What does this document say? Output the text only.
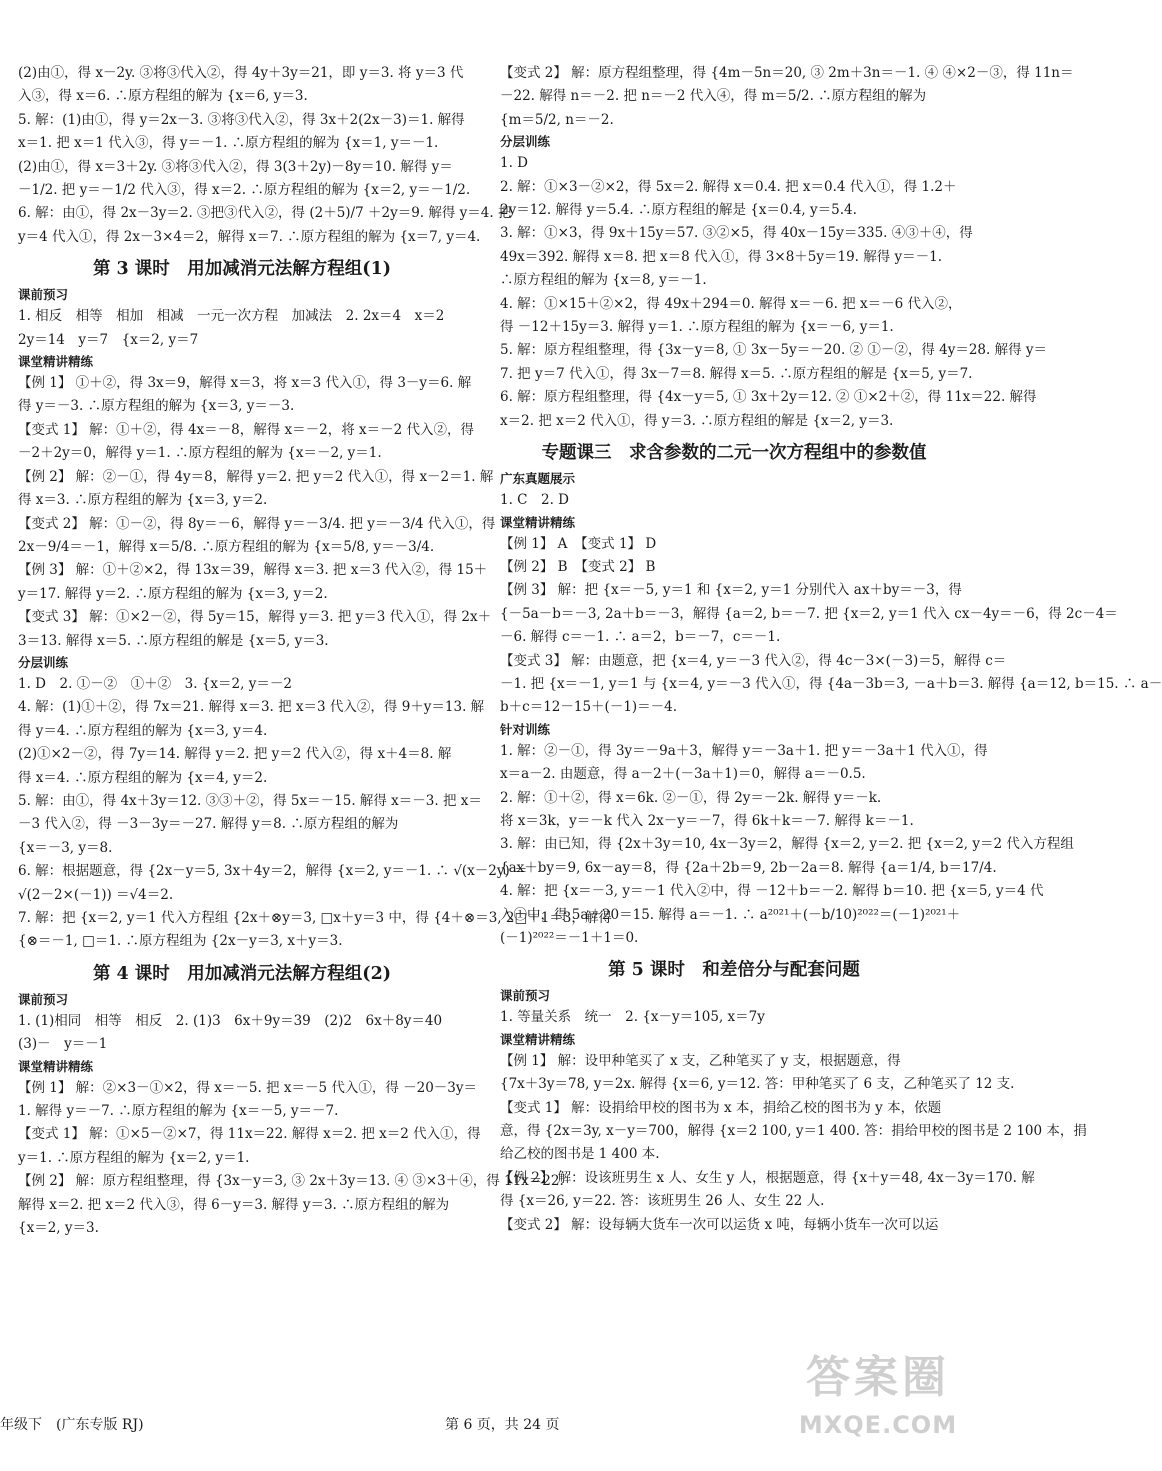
(2)由①，得 x－2y. ③将③代入②，得 4y＋3y＝21，即 y＝3. 将 y＝3 代
入③，得 x＝6. ∴原方程组的解为 {x＝6, y＝3.
5. 解：(1)由①，得 y＝2x－3. ③将③代入②，得 3x＋2(2x－3)＝1. 解得
x＝1. 把 x＝1 代入③，得 y＝－1. ∴原方程组的解为 {x＝1, y＝－1.
(2)由①，得 x＝3＋2y. ③将③代入②，得 3(3＋2y)－8y＝10. 解得 y＝
－1/2. 把 y＝－1/2 代入③，得 x＝2. ∴原方程组的解为 {x＝2, y＝－1/2.
6. 解：由①，得 2x－3y＝2. ③把③代入②，得 (2＋5)/7 ＋2y＝9. 解得 y＝4. 把
y＝4 代入①，得 2x－3×4＝2，解得 x＝7. ∴原方程组的解为 {x＝7, y＝4.
第 3 课时　用加减消元法解方程组(1)
课前预习
1. 相反　相等　相加　相减　一元一次方程　加减法　2. 2x＝4　x＝2
2y＝14　y＝7　{x＝2, y＝7
课堂精讲精练
【例 1】 ①＋②，得 3x＝9，解得 x＝3，将 x＝3 代入①，得 3－y＝6. 解
得 y＝－3. ∴原方程组的解为 {x＝3, y＝－3.
【变式 1】 解：①＋②，得 4x＝－8，解得 x＝－2，将 x＝－2 代入②，得
－2＋2y＝0，解得 y＝1. ∴原方程组的解为 {x＝－2, y＝1.
【例 2】 解：②－①，得 4y＝8，解得 y＝2. 把 y＝2 代入①，得 x－2＝1. 解
得 x＝3. ∴原方程组的解为 {x＝3, y＝2.
【变式 2】 解：①－②，得 8y＝－6，解得 y＝－3/4. 把 y＝－3/4 代入①，得
2x－9/4＝－1，解得 x＝5/8. ∴原方程组的解为 {x＝5/8, y＝－3/4.
【例 3】 解：①＋②×2，得 13x＝39，解得 x＝3. 把 x＝3 代入②，得 15＋
y＝17. 解得 y＝2. ∴原方程组的解为 {x＝3, y＝2.
【变式 3】 解：①×2－②，得 5y＝15，解得 y＝3. 把 y＝3 代入①，得 2x＋
3＝13. 解得 x＝5. ∴原方程组的解是 {x＝5, y＝3.
分层训练
1. D　2. ①－②　①＋②　3. {x＝2, y＝－2
4. 解：(1)①＋②，得 7x＝21. 解得 x＝3. 把 x＝3 代入②，得 9＋y＝13. 解
得 y＝4. ∴原方程组的解为 {x＝3, y＝4.
(2)①×2－②，得 7y＝14. 解得 y＝2. 把 y＝2 代入②，得 x＋4＝8. 解
得 x＝4. ∴原方程组的解为 {x＝4, y＝2.
5. 解：由①，得 4x＋3y＝12. ③③＋②，得 5x＝－15. 解得 x＝－3. 把 x＝
－3 代入②，得 －3－3y＝－27. 解得 y＝8. ∴原方程组的解为
{x＝－3, y＝8.
6. 解：根据题意，得 {2x－y＝5, 3x＋4y＝2，解得 {x＝2, y＝－1. ∴ √(x－2y) ＝
√(2－2×(－1)) ＝√4＝2.
7. 解：把 {x＝2, y＝1 代入方程组 {2x＋⊗y＝3, □x＋y＝3 中，得 {4＋⊗＝3, 2□＋1＝3，解得
{⊗＝－1, □＝1. ∴原方程组为 {2x－y＝3, x＋y＝3.
第 4 课时　用加减消元法解方程组(2)
课前预习
1. (1)相同　相等　相反　2. (1)3　6x＋9y＝39　(2)2　6x＋8y＝40
(3)－　y＝－1
课堂精讲精练
【例 1】 解：②×3－①×2，得 x＝－5. 把 x＝－5 代入①，得 －20－3y＝
1. 解得 y＝－7. ∴原方程组的解为 {x＝－5, y＝－7.
【变式 1】 解：①×5－②×7，得 11x＝22. 解得 x＝2. 把 x＝2 代入①，得
y＝1. ∴原方程组的解为 {x＝2, y＝1.
【例 2】 解：原方程组整理，得 {3x－y＝3, ③ 2x＋3y＝13. ④ ③×3＋④，得 11x＝22.
解得 x＝2. 把 x＝2 代入③，得 6－y＝3. 解得 y＝3. ∴原方程组的解为
{x＝2, y＝3.
【变式 2】 解：原方程组整理，得 {4m－5n＝20, ③ 2m＋3n＝－1. ④ ④×2－③，得 11n＝
－22. 解得 n＝－2. 把 n＝－2 代入④，得 m＝5/2. ∴原方程组的解为
{m＝5/2, n＝－2.
分层训练
1. D
2. 解：①×3－②×2，得 5x＝2. 解得 x＝0.4. 把 x＝0.4 代入①，得 1.2＋
2y＝12. 解得 y＝5.4. ∴原方程组的解是 {x＝0.4, y＝5.4.
3. 解：①×3，得 9x＋15y＝57. ③②×5，得 40x－15y＝335. ④③＋④，得
49x＝392. 解得 x＝8. 把 x＝8 代入①，得 3×8＋5y＝19. 解得 y＝－1.
∴原方程组的解为 {x＝8, y＝－1.
4. 解：①×15＋②×2，得 49x＋294＝0. 解得 x＝－6. 把 x＝－6 代入②，
得 －12＋15y＝3. 解得 y＝1. ∴原方程组的解为 {x＝－6, y＝1.
5. 解：原方程组整理，得 {3x－y＝8, ① 3x－5y＝－20. ② ①－②，得 4y＝28. 解得 y＝
7. 把 y＝7 代入①，得 3x－7＝8. 解得 x＝5. ∴原方程组的解是 {x＝5, y＝7.
6. 解：原方程组整理，得 {4x－y＝5, ① 3x＋2y＝12. ② ①×2＋②，得 11x＝22. 解得
x＝2. 把 x＝2 代入①，得 y＝3. ∴原方程组的解是 {x＝2, y＝3.
专题课三　求含参数的二元一次方程组中的参数值
广东真题展示
1. C　2. D
课堂精讲精练
【例 1】 A　【变式 1】 D
【例 2】 B　【变式 2】 B
【例 3】 解：把 {x＝－5, y＝1 和 {x＝2, y＝1 分别代入 ax＋by＝－3，得
{－5a－b＝－3, 2a＋b＝－3，解得 {a＝2, b＝－7. 把 {x＝2, y＝1 代入 cx－4y＝－6，得 2c－4＝
－6. 解得 c＝－1. ∴ a＝2，b＝－7，c＝－1.
【变式 3】 解：由题意，把 {x＝4, y＝－3 代入②，得 4c－3×(－3)＝5，解得 c＝
－1. 把 {x＝－1, y＝1 与 {x＝4, y＝－3 代入①，得 {4a－3b＝3, －a＋b＝3. 解得 {a＝12, b＝15. ∴ a－
b＋c＝12－15＋(－1)＝－4.
针对训练
1. 解：②－①，得 3y＝－9a＋3，解得 y＝－3a＋1. 把 y＝－3a＋1 代入①，得
x＝a－2. 由题意，得 a－2＋(－3a＋1)＝0，解得 a＝－0.5.
2. 解：①＋②，得 x＝6k. ②－①，得 2y＝－2k. 解得 y＝－k.
将 x＝3k，y＝－k 代入 2x－y＝－7，得 6k＋k＝－7. 解得 k＝－1.
3. 解：由已知，得 {2x＋3y＝10, 4x－3y＝2，解得 {x＝2, y＝2. 把 {x＝2, y＝2 代入方程组
{ax＋by＝9, 6x－ay＝8，得 {2a＋2b＝9, 2b－2a＝8. 解得 {a＝1/4, b＝17/4.
4. 解：把 {x＝－3, y＝－1 代入②中，得 －12＋b＝－2. 解得 b＝10. 把 {x＝5, y＝4 代
入①中，得 5a＋20＝15. 解得 a＝－1. ∴ a²⁰²¹＋(－b/10)²⁰²²＝(－1)²⁰²¹＋
(－1)²⁰²²＝－1＋1＝0.
第 5 课时　和差倍分与配套问题
课前预习
1. 等量关系　统一　2. {x－y＝105, x＝7y
课堂精讲精练
【例 1】 解：设甲种笔买了 x 支，乙种笔买了 y 支，根据题意，得
{7x＋3y＝78, y＝2x. 解得 {x＝6, y＝12. 答：甲种笔买了 6 支，乙种笔买了 12 支.
【变式 1】 解：设捐给甲校的图书为 x 本，捐给乙校的图书为 y 本，依题
意，得 {2x＝3y, x－y＝700，解得 {x＝2 100, y＝1 400. 答：捐给甲校的图书是 2 100 本，捐
给乙校的图书是 1 400 本.
【例 2】 解：设该班男生 x 人、女生 y 人，根据题意，得 {x＋y＝48, 4x－3y＝170. 解
得 {x＝26, y＝22. 答：该班男生 26 人、女生 22 人.
【变式 2】 解：设每辆大货车一次可以运货 x 吨，每辆小货车一次可以运
年级下　(广东专版 RJ)	第 6 页，共 24 页
答案圈
MXQE.COM
